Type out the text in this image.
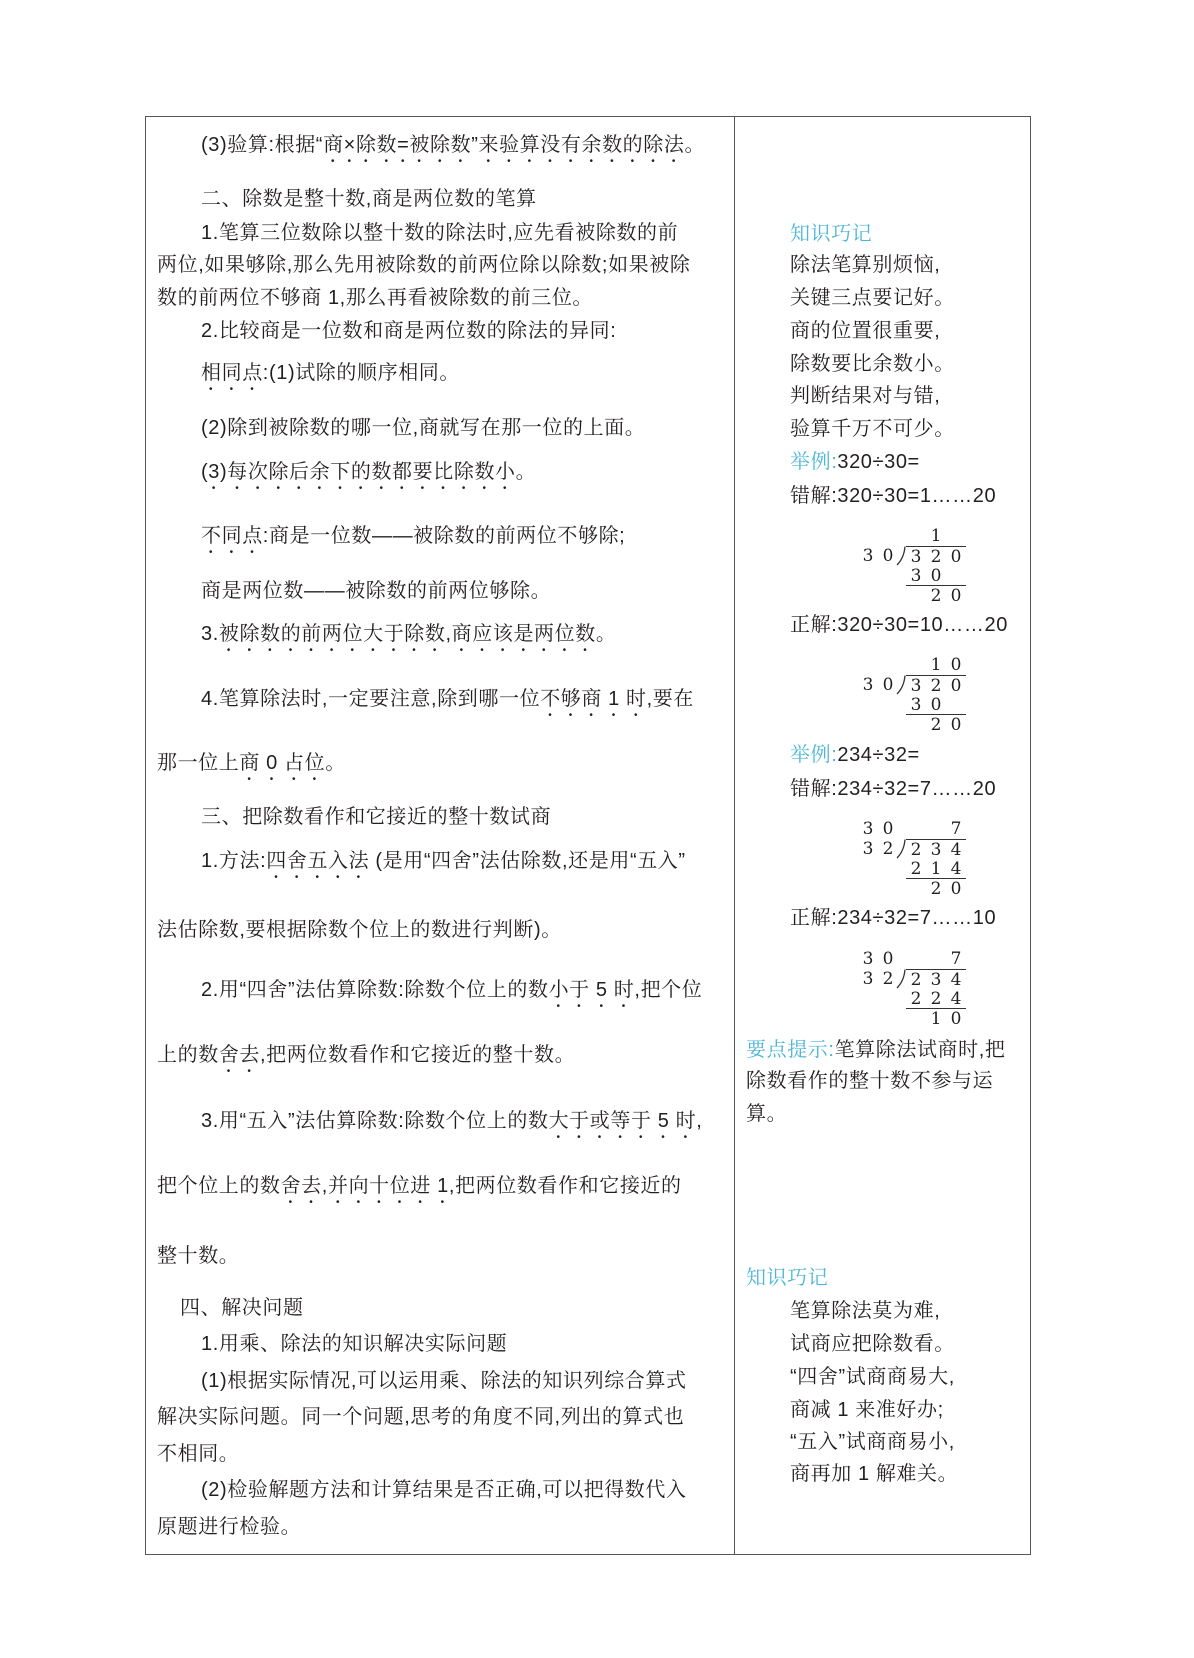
(3)验算:根据“商×除数=被除数”来验算没有余数的除法。
二、除数是整十数,商是两位数的笔算
1.笔算三位数除以整十数的除法时,应先看被除数的前
两位,如果够除,那么先用被除数的前两位除以除数;如果被除
数的前两位不够商 1,那么再看被除数的前三位。
2.比较商是一位数和商是两位数的除法的异同:
相同点:(1)试除的顺序相同。
(2)除到被除数的哪一位,商就写在那一位的上面。
(3)每次除后余下的数都要比除数小。
不同点:商是一位数——被除数的前两位不够除;
商是两位数——被除数的前两位够除。
3.被除数的前两位大于除数,商应该是两位数。
4.笔算除法时,一定要注意,除到哪一位不够商 1 时,要在
那一位上商 0 占位。
三、把除数看作和它接近的整十数试商
1.方法:四舍五入法 (是用“四舍”法估除数,还是用“五入”
法估除数,要根据除数个位上的数进行判断)。
2.用“四舍”法估算除数:除数个位上的数小于 5 时,把个位
上的数舍去,把两位数看作和它接近的整十数。
3.用“五入”法估算除数:除数个位上的数大于或等于 5 时,
把个位上的数舍去,并向十位进 1,把两位数看作和它接近的
整十数。
四、解决问题
1.用乘、除法的知识解决实际问题
(1)根据实际情况,可以运用乘、除法的知识列综合算式
解决实际问题。同一个问题,思考的角度不同,列出的算式也
不相同。
(2)检验解题方法和计算结果是否正确,可以把得数代入
原题进行检验。
知识巧记
除法笔算别烦恼,
关键三点要记好。
商的位置很重要,
除数要比余数小。
判断结果对与错,
验算千万不可少。
举例:320÷30=
错解:320÷30=1……20
正解:320÷30=10……20
举例:234÷32=
错解:234÷32=7……20
正解:234÷32=7……10
要点提示:笔算除法试商时,把
除数看作的整十数不参与运
算。
知识巧记
笔算除法莫为难,
试商应把除数看。
“四舍”试商商易大,
商减 1 来准好办;
“五入”试商商易小,
商再加 1 解难关。
1
3 0 3 2 0
3 0
2 0
1 0
3 0 3 2 0
3 0
2 0
3 0	7
3 2 2 3 4
2 1 4
2 0
3 0	7
3 2 2 3 4
2 2 4
1 0
